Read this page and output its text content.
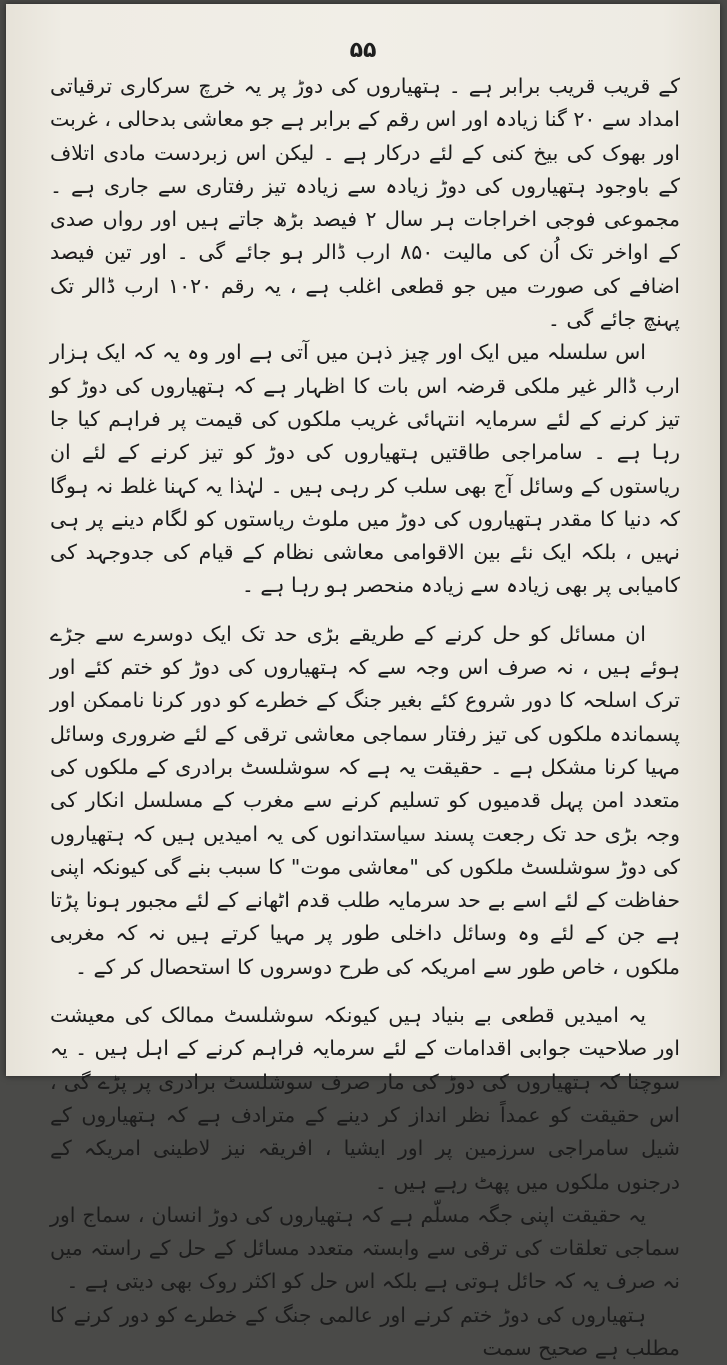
۵۵

کے قریب قریب برابر ہے ۔ ہتھیاروں کی دوڑ پر یہ خرچ سرکاری ترقیاتی امداد سے ۲۰ گنا زیادہ اور اس رقم کے برابر ہے جو معاشی بدحالی ، غربت اور بھوک کی بیخ کنی کے لئے درکار ہے ۔ لیکن اس زبردست مادی اتلاف کے باوجود ہتھیاروں کی دوڑ زیادہ سے زیادہ تیز رفتاری سے جاری ہے ۔ مجموعی فوجی اخراجات ہر سال ۲ فیصد بڑھ جاتے ہیں اور رواں صدی کے اواخر تک اُن کی مالیت ۸۵۰ ارب ڈالر ہو جائے گی ۔ اور تین فیصد اضافے کی صورت میں جو قطعی اغلب ہے ، یہ رقم ۱۰۲۰ ارب ڈالر تک پہنچ جائے گی ۔

اس سلسلہ میں ایک اور چیز ذہن میں آتی ہے اور وہ یہ کہ ایک ہزار ارب ڈالر غیر ملکی قرضہ اس بات کا اظہار ہے کہ ہتھیاروں کی دوڑ کو تیز کرنے کے لئے سرمایہ انتہائی غریب ملکوں کی قیمت پر فراہم کیا جا رہا ہے ۔ سامراجی طاقتیں ہتھیاروں کی دوڑ کو تیز کرنے کے لئے ان ریاستوں کے وسائل آج بھی سلب کر رہی ہیں ۔ لہٰذا یہ کہنا غلط نہ ہوگا کہ دنیا کا مقدر ہتھیاروں کی دوڑ میں ملوث ریاستوں کو لگام دینے پر ہی نہیں ، بلکہ ایک نئے بین الاقوامی معاشی نظام کے قیام کی جدوجہد کی کامیابی پر بھی زیادہ سے زیادہ منحصر ہو رہا ہے ۔

ان مسائل کو حل کرنے کے طریقے بڑی حد تک ایک دوسرے سے جڑے ہوئے ہیں ، نہ صرف اس وجہ سے کہ ہتھیاروں کی دوڑ کو ختم کئے اور ترک اسلحہ کا دور شروع کئے بغیر جنگ کے خطرے کو دور کرنا ناممکن اور پسماندہ ملکوں کی تیز رفتار سماجی معاشی ترقی کے لئے ضروری وسائل مہیا کرنا مشکل ہے ۔ حقیقت یہ ہے کہ سوشلسٹ برادری کے ملکوں کی متعدد امن پہل قدمیوں کو تسلیم کرنے سے مغرب کے مسلسل انکار کی وجہ بڑی حد تک رجعت پسند سیاستدانوں کی یہ امیدیں ہیں کہ ہتھیاروں کی دوڑ سوشلسٹ ملکوں کی "معاشی موت" کا سبب بنے گی کیونکہ اپنی حفاظت کے لئے اسے بے حد سرمایہ طلب قدم اٹھانے کے لئے مجبور ہونا پڑتا ہے جن کے لئے وہ وسائل داخلی طور پر مہیا کرتے ہیں نہ کہ مغربی ملکوں ، خاص طور سے امریکہ کی طرح دوسروں کا استحصال کر کے ۔

یہ امیدیں قطعی بے بنیاد ہیں کیونکہ سوشلسٹ ممالک کی معیشت اور صلاحیت جوابی اقدامات کے لئے سرمایہ فراہم کرنے کے اہل ہیں ۔ یہ سوچنا کہ ہتھیاروں کی دوڑ کی مار صرف سوشلسٹ برادری پر پڑے گی ، اس حقیقت کو عمداً نظر انداز کر دینے کے مترادف ہے کہ ہتھیاروں کے شیل سامراجی سرزمین پر اور ایشیا ، افریقہ نیز لاطینی امریکہ کے درجنوں ملکوں میں پھٹ رہے ہیں ۔

یہ حقیقت اپنی جگہ مسلّم ہے کہ ہتھیاروں کی دوڑ انسان ، سماج اور سماجی تعلقات کی ترقی سے وابستہ متعدد مسائل کے حل کے راستہ میں نہ صرف یہ کہ حائل ہوتی ہے بلکہ اس حل کو اکثر روک بھی دیتی ہے ۔

ہتھیاروں کی دوڑ ختم کرنے اور عالمی جنگ کے خطرے کو دور کرنے کا مطلب ہے صحیح سمت
